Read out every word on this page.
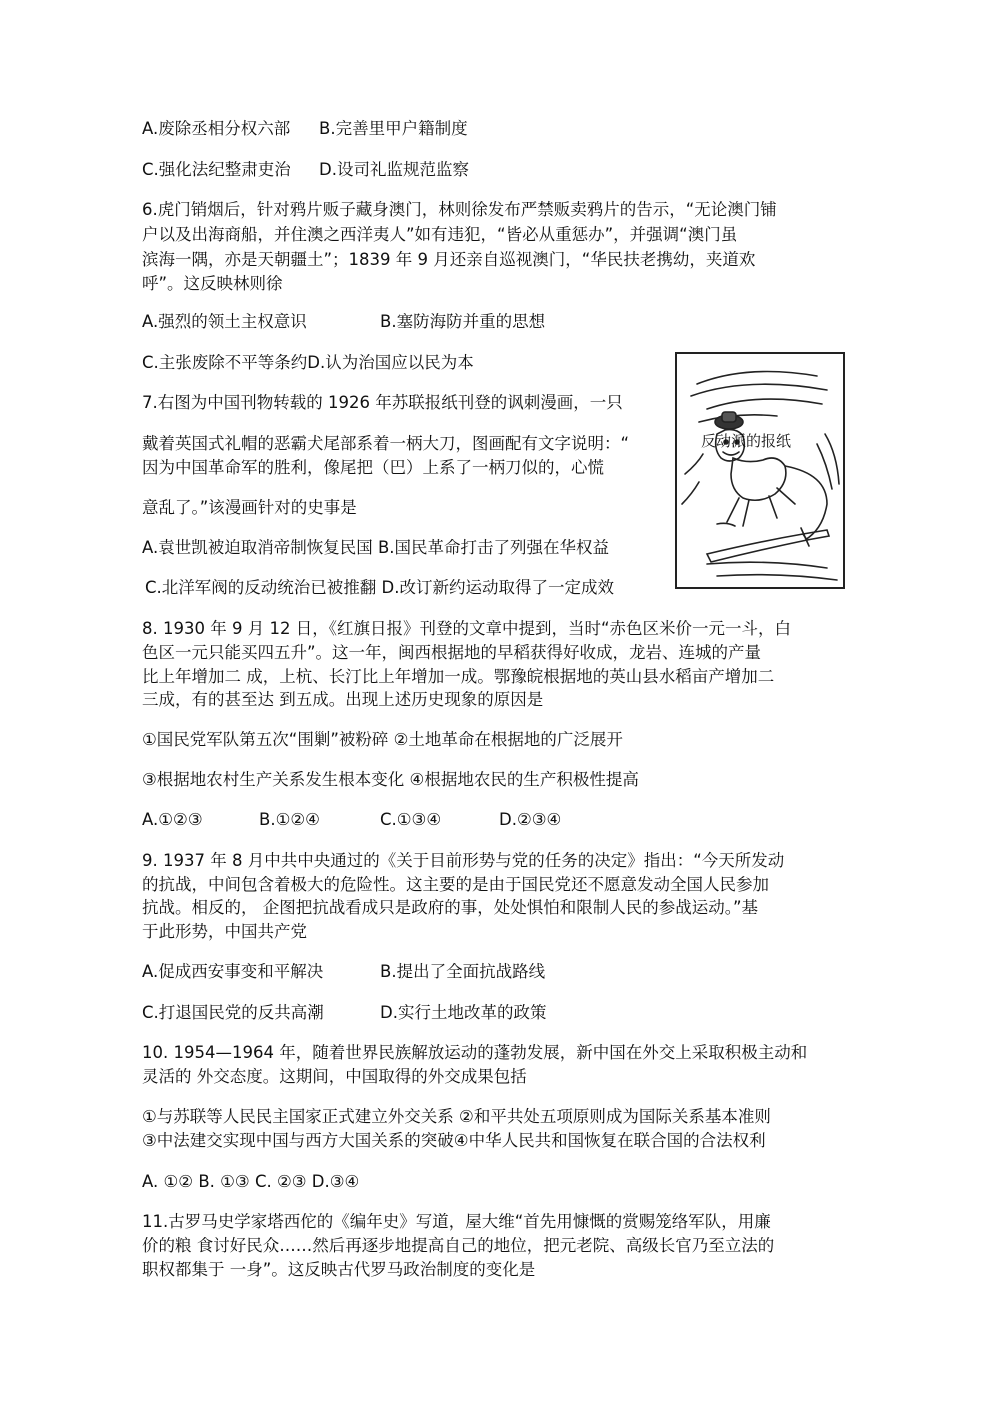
A.废除丞相分权六部 B.完善里甲户籍制度
C.强化法纪整肃吏治 D.设司礼监规范监察
6.虎门销烟后，针对鸦片贩子藏身澳门，林则徐发布严禁贩卖鸦片的告示，“无论澳门铺
户以及出海商船，并住澳之西洋夷人”如有违犯，“皆必从重惩办”，并强调“澳门虽
滨海一隅，亦是天朝疆土”；1839 年 9 月还亲自巡视澳门，“华民扶老携幼，夹道欢
呼”。这反映林则徐
A.强烈的领土主权意识	B.塞防海防并重的思想
C.主张废除不平等条约D.认为治国应以民为本
7.右图为中国刊物转载的 1926 年苏联报纸刊登的讽刺漫画，一只
戴着英国式礼帽的恶霸犬尾部系着一柄大刀，图画配有文字说明：“
因为中国革命军的胜利，像尾把（巴）上系了一柄刀似的，心慌
意乱了。”该漫画针对的史事是
A.袁世凯被迫取消帝制恢复民国 B.国民革命打击了列强在华权益
C.北洋军阀的反动统治已被推翻 D.改订新约运动取得了一定成效
反动派的报纸
8. 1930 年 9 月 12 日，《红旗日报》刊登的文章中提到，当时“赤色区米价一元一斗，白
色区一元只能买四五升”。这一年，闽西根据地的早稻获得好收成，龙岩、连城的产量
比上年增加二 成，上杭、长汀比上年增加一成。鄂豫皖根据地的英山县水稻亩产增加二
三成，有的甚至达 到五成。出现上述历史现象的原因是
①国民党军队第五次“围剿”被粉碎 ②土地革命在根据地的广泛展开
③根据地农村生产关系发生根本变化 ④根据地农民的生产积极性提高
A.①②③	B.①②④	C.①③④	D.②③④
9. 1937 年 8 月中共中央通过的《关于目前形势与党的任务的决定》指出：“今天所发动
的抗战，中间包含着极大的危险性。这主要的是由于国民党还不愿意发动全国人民参加
抗战。相反的， 企图把抗战看成只是政府的事，处处惧怕和限制人民的参战运动。”基
于此形势，中国共产党
A.促成西安事变和平解决	B.提出了全面抗战路线
C.打退国民党的反共高潮	D.实行土地改革的政策
10. 1954—1964 年，随着世界民族解放运动的蓬勃发展，新中国在外交上采取积极主动和
灵活的 外交态度。这期间，中国取得的外交成果包括
①与苏联等人民民主国家正式建立外交关系 ②和平共处五项原则成为国际关系基本准则
③中法建交实现中国与西方大国关系的突破④中华人民共和国恢复在联合国的合法权利
A. ①② B. ①③ C. ②③ D.③④
11.古罗马史学家塔西佗的《编年史》写道，屋大维“首先用慷慨的赏赐笼络军队，用廉
价的粮 食讨好民众……然后再逐步地提高自己的地位，把元老院、高级长官乃至立法的
职权都集于 一身”。这反映古代罗马政治制度的变化是
